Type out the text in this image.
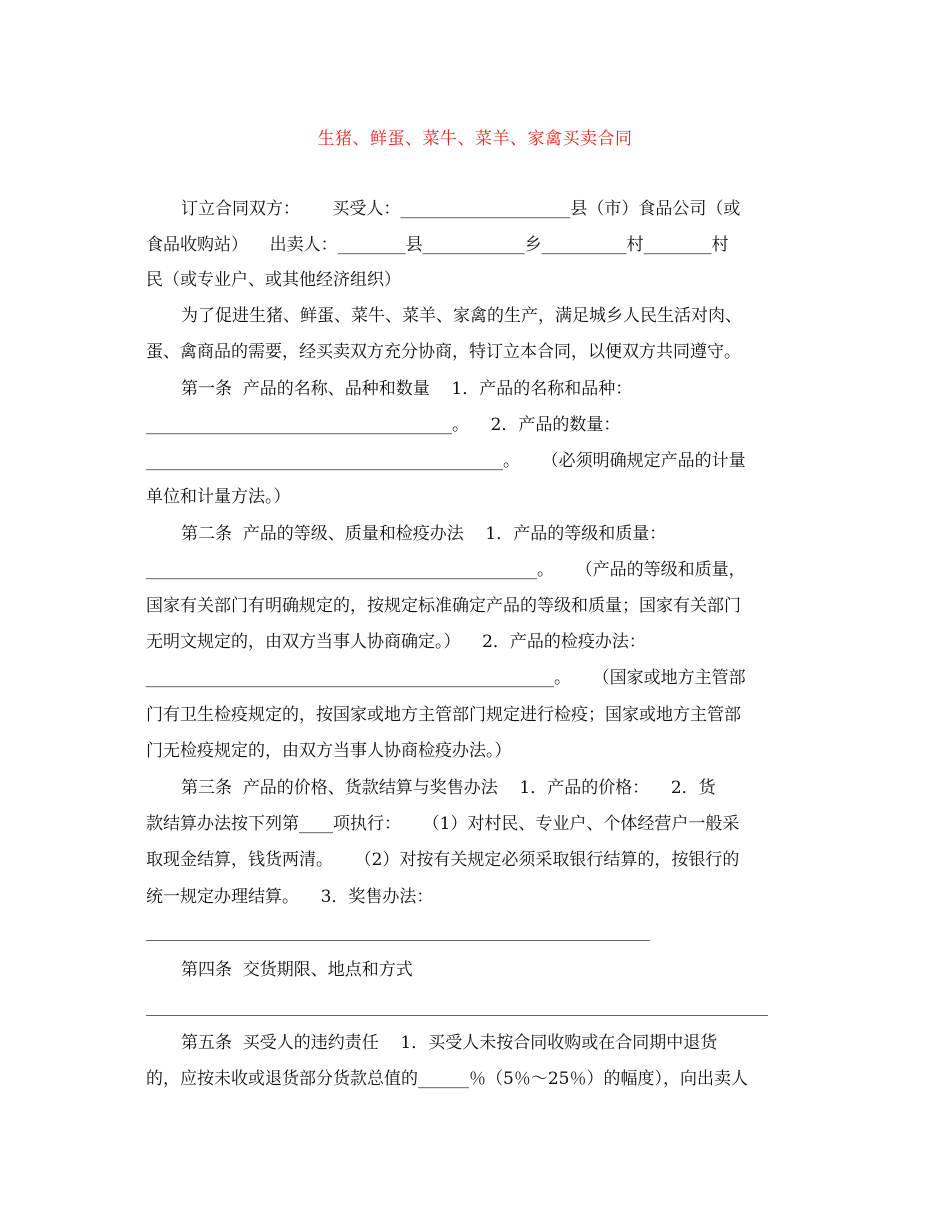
生猪、鲜蛋、菜牛、菜羊、家禽买卖合同
订立合同双方：      买受人：____________________县（市）食品公司（或
食品收购站）    出卖人：________县____________乡__________村________村
民（或专业户、或其他经济组织）
为了促进生猪、鲜蛋、菜牛、菜羊、家禽的生产，满足城乡人民生活对肉、
蛋、禽商品的需要，经买卖双方充分协商，特订立本合同，以便双方共同遵守。
第一条  产品的名称、品种和数量    1．产品的名称和品种：
____________________________________。    2．产品的数量：
__________________________________________。    （必须明确规定产品的计量
单位和计量方法。）
第二条  产品的等级、质量和检疫办法    1．产品的等级和质量：
______________________________________________。    （产品的等级和质量，
国家有关部门有明确规定的，按规定标准确定产品的等级和质量；国家有关部门
无明文规定的，由双方当事人协商确定。）    2．产品的检疫办法：
________________________________________________。    （国家或地方主管部
门有卫生检疫规定的，按国家或地方主管部门规定进行检疫；国家或地方主管部
门无检疫规定的，由双方当事人协商检疫办法。）
第三条  产品的价格、货款结算与奖售办法    1．产品的价格：    2．货
款结算办法按下列第____项执行：    （1）对村民、专业户、个体经营户一般采
取现金结算，钱货两清。    （2）对按有关规定必须采取银行结算的，按银行的
统一规定办理结算。    3．奖售办法：
第四条  交货期限、地点和方式
第五条  买受人的违约责任    1．买受人未按合同收购或在合同期中退货
的，应按未收或退货部分货款总值的______％（5％～25％）的幅度），向出卖人
